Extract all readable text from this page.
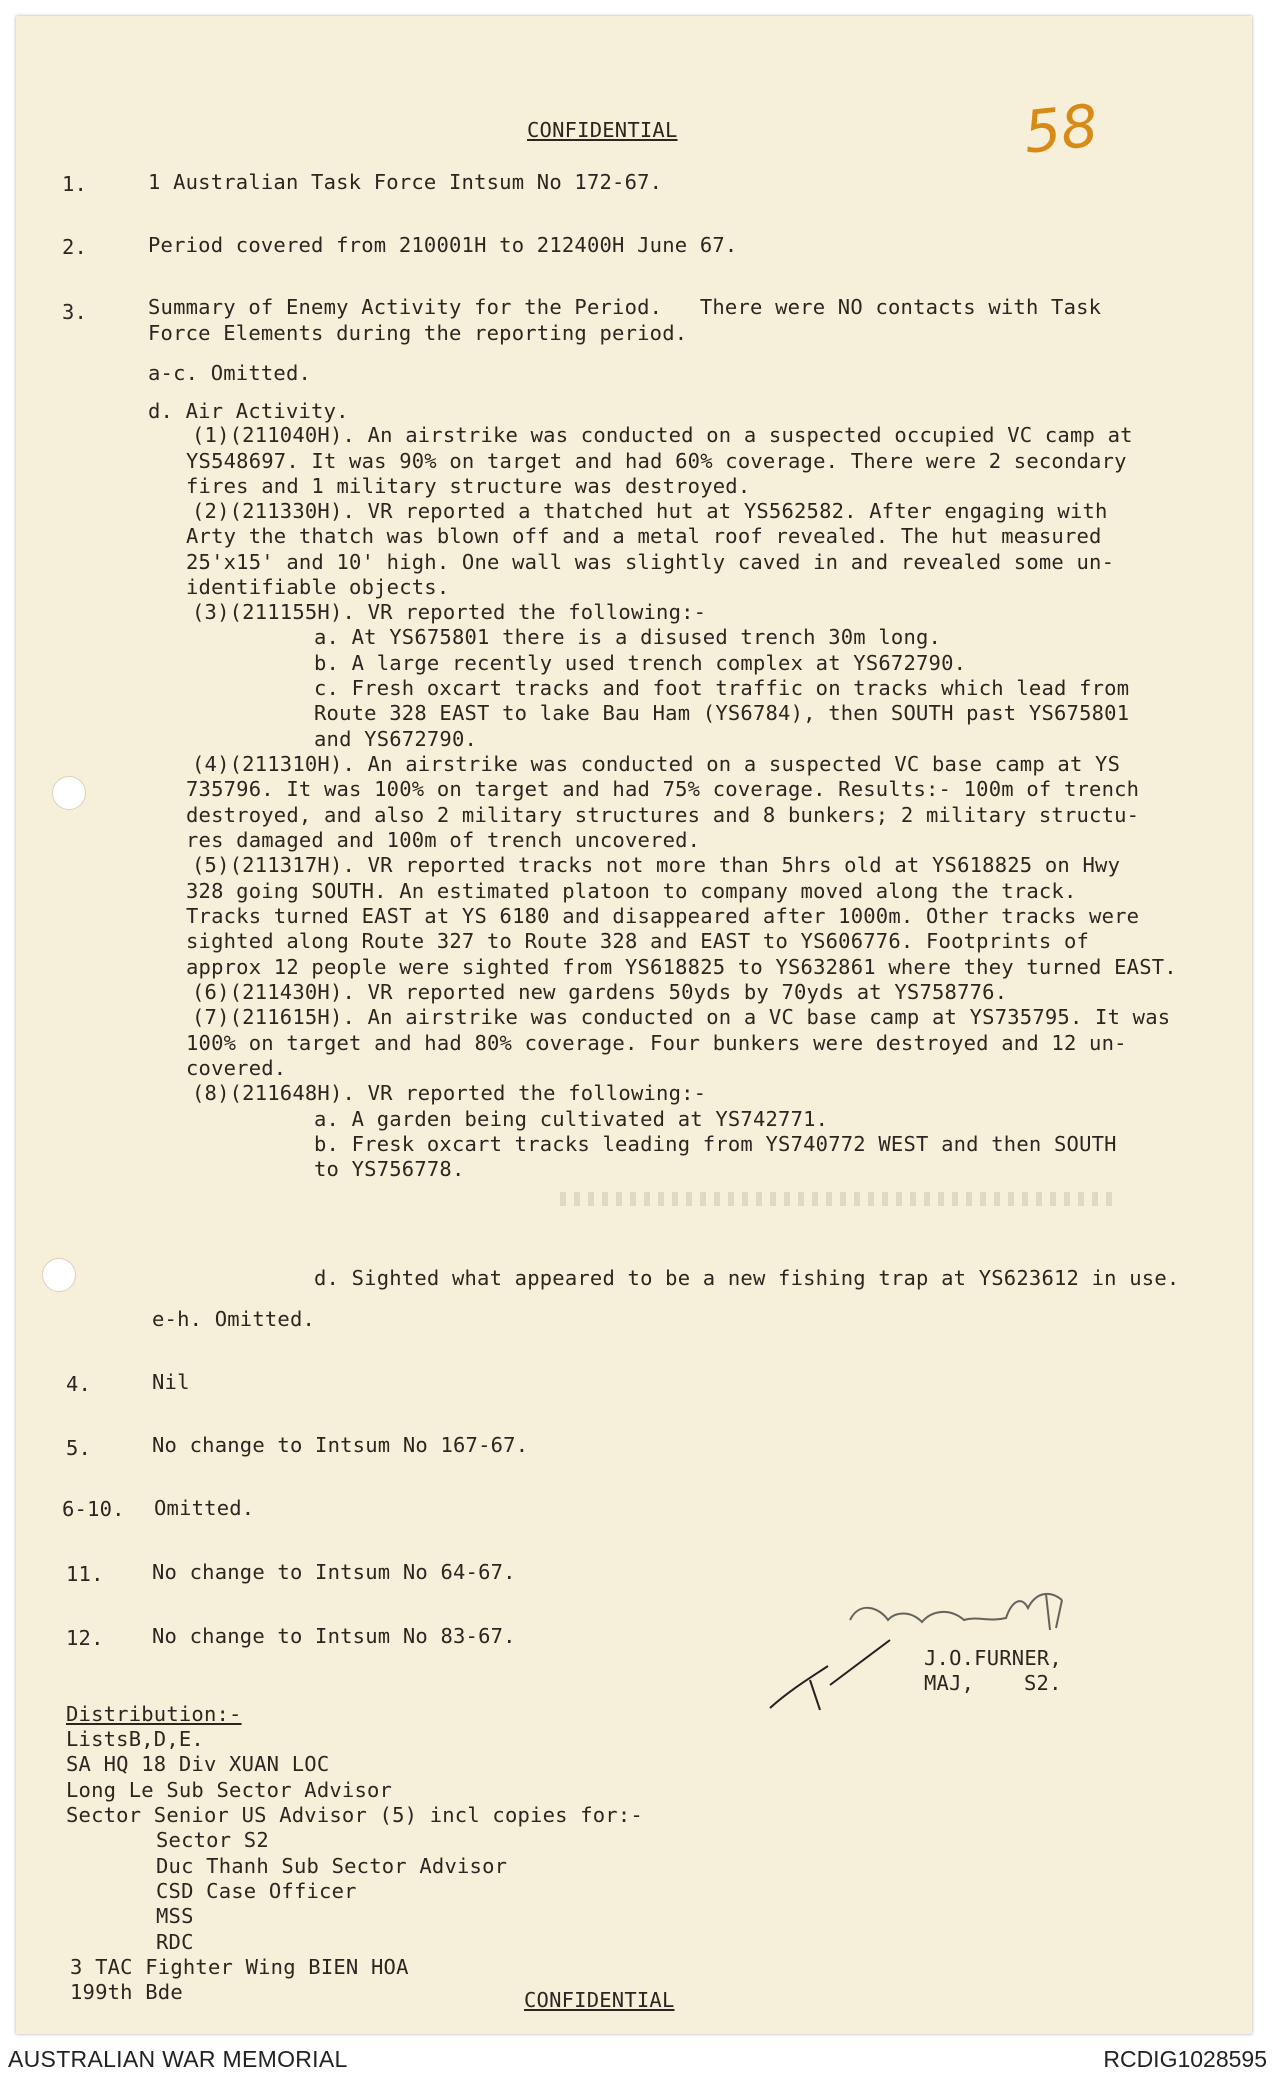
CONFIDENTIAL	58
1.	1 Australian Task Force Intsum No 172-67.
2.	Period covered from 210001H to 212400H June 67.
3.	Summary of Enemy Activity for the Period.   There were NO contacts with Task
Force Elements during the reporting period.
a-c. Omitted.
d. Air Activity.
(1)(211040H). An airstrike was conducted on a suspected occupied VC camp at
YS548697. It was 90% on target and had 60% coverage. There were 2 secondary
fires and 1 military structure was destroyed.
(2)(211330H). VR reported a thatched hut at YS562582. After engaging with
Arty the thatch was blown off and a metal roof revealed. The hut measured
25'x15' and 10' high. One wall was slightly caved in and revealed some un-
identifiable objects.
(3)(211155H). VR reported the following:-
a. At YS675801 there is a disused trench 30m long.
b. A large recently used trench complex at YS672790.
c. Fresh oxcart tracks and foot traffic on tracks which lead from
Route 328 EAST to lake Bau Ham (YS6784), then SOUTH past YS675801
and YS672790.
(4)(211310H). An airstrike was conducted on a suspected VC base camp at YS
735796. It was 100% on target and had 75% coverage. Results:- 100m of trench
destroyed, and also 2 military structures and 8 bunkers; 2 military structu-
res damaged and 100m of trench uncovered.
(5)(211317H). VR reported tracks not more than 5hrs old at YS618825 on Hwy
328 going SOUTH. An estimated platoon to company moved along the track.
Tracks turned EAST at YS 6180 and disappeared after 1000m. Other tracks were
sighted along Route 327 to Route 328 and EAST to YS606776. Footprints of
approx 12 people were sighted from YS618825 to YS632861 where they turned EAST.
(6)(211430H). VR reported new gardens 50yds by 70yds at YS758776.
(7)(211615H). An airstrike was conducted on a VC base camp at YS735795. It was
100% on target and had 80% coverage. Four bunkers were destroyed and 12 un-
covered.
(8)(211648H). VR reported the following:-
a. A garden being cultivated at YS742771.
b. Fresk oxcart tracks leading from YS740772 WEST and then SOUTH
to YS756778.
d. Sighted what appeared to be a new fishing trap at YS623612 in use.
e-h. Omitted.
4.	Nil
5.	No change to Intsum No 167-67.
6-10. Omitted.
11. No change to Intsum No 64-67.
12. No change to Intsum No 83-67.
J.O.FURNER,
MAJ, S2.
Distribution:-
ListsB,D,E.
SA HQ 18 Div XUAN LOC
Long Le Sub Sector Advisor
Sector Senior US Advisor (5) incl copies for:-
Sector S2
Duc Thanh Sub Sector Advisor
CSD Case Officer
MSS
RDC
3 TAC Fighter Wing BIEN HOA
199th Bde	CONFIDENTIAL
AUSTRALIAN WAR MEMORIAL	RCDIG1028595
